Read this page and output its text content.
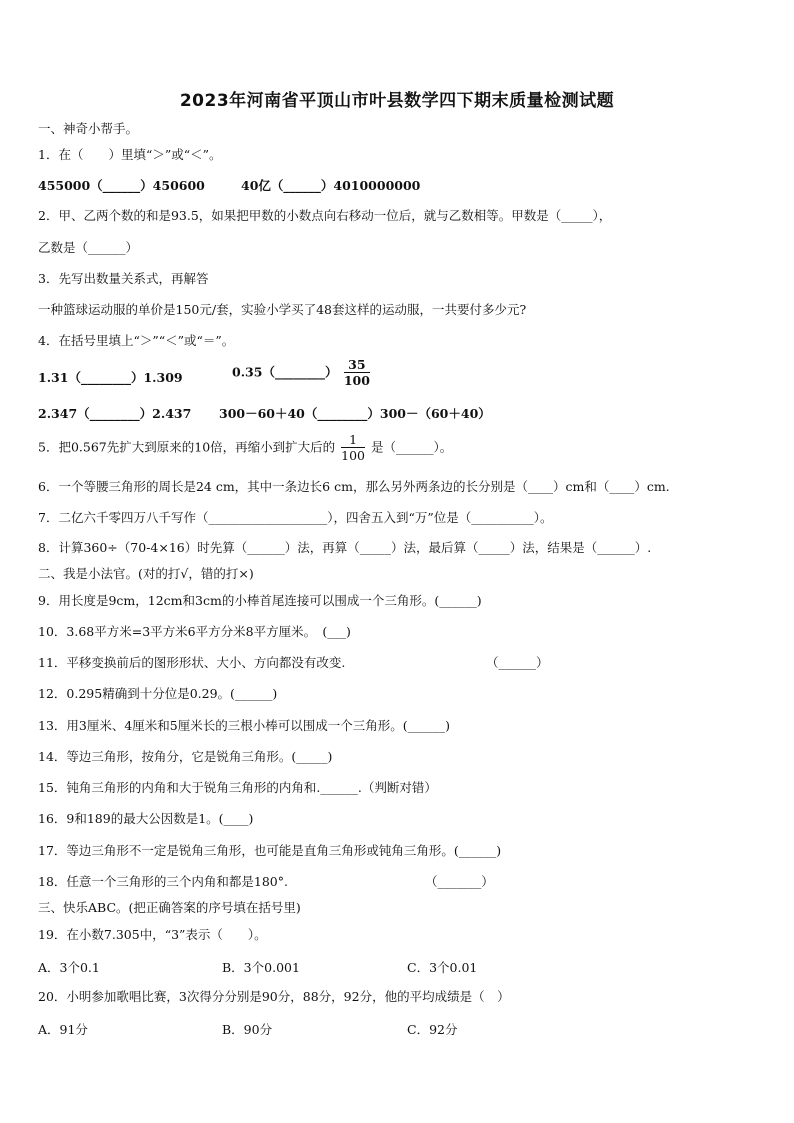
2023年河南省平顶山市叶县数学四下期末质量检测试题
一、神奇小帮手。
1．在（　　）里填“＞”或“＜”。
455000（______）450600	40亿（______）4010000000
2．甲、乙两个数的和是93.5，如果把甲数的小数点向右移动一位后，就与乙数相等。甲数是（_____），
乙数是（______）
3．先写出数量关系式，再解答
一种篮球运动服的单价是150元/套，实验小学买了48套这样的运动服，一共要付多少元?
4．在括号里填上“＞”“＜”或“＝”。
1.31（________）1.309	0.35（________） $\frac{35}{100}$
2.347（________）2.437 300－60＋40（________）300－（60＋40）
5．把0.567先扩大到原来的10倍，再缩小到扩大后的 $\frac{1}{100}$ 是（______）。
6．一个等腰三角形的周长是24 cm，其中一条边长6 cm，那么另外两条边的长分别是（____）cm和（____）cm.
7．二亿六千零四万八千写作（___________________），四舍五入到“万”位是（__________）。
8．计算360÷（70-4×16）时先算（______）法，再算（_____）法，最后算（_____）法，结果是（______）.
二、我是小法官。(对的打√，错的打×)
9．用长度是9cm，12cm和3cm的小棒首尾连接可以围成一个三角形。(______)
10．3.68平方米=3平方米6平方分米8平方厘米。　(___)
11．平移变换前后的图形形状、大小、方向都没有改变.	（______）
12．0.295精确到十分位是0.29。(______)
13．用3厘米、4厘米和5厘米长的三根小棒可以围成一个三角形。(______)
14．等边三角形，按角分，它是锐角三角形。(_____)
15．钝角三角形的内角和大于锐角三角形的内角和.______.（判断对错）
16．9和189的最大公因数是1。(____)
17．等边三角形不一定是锐角三角形，也可能是直角三角形或钝角三角形。(______)
18．任意一个三角形的三个内角和都是180°.	（_______）
三、快乐ABC。(把正确答案的序号填在括号里)
19．在小数7.305中，“3”表示（　　）。
A．3个0.1	B．3个0.001	C．3个0.01
20．小明参加歌唱比赛，3次得分分别是90分，88分，92分，他的平均成绩是（　）
A．91分	B．90分	C．92分
